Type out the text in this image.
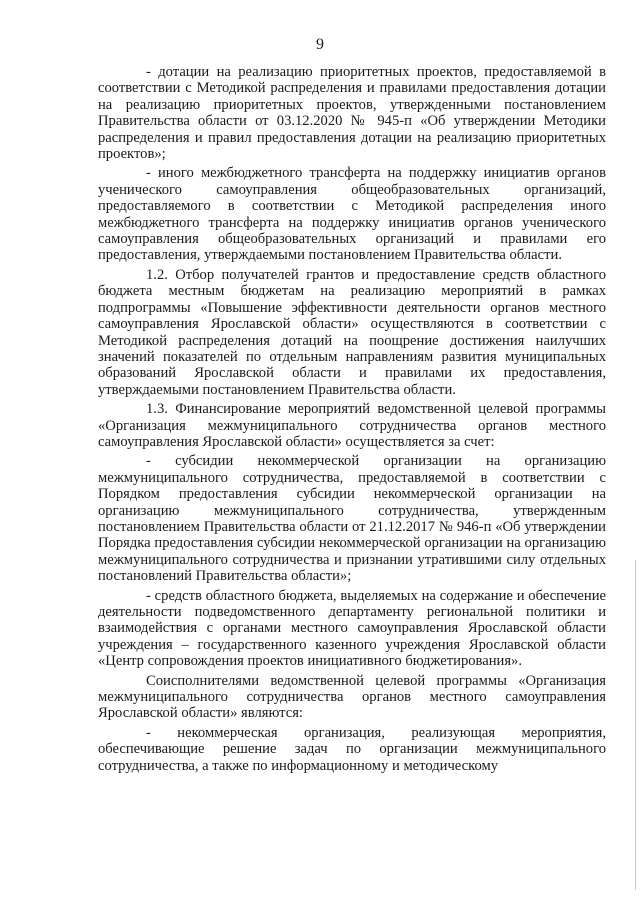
9

- дотации на реализацию приоритетных проектов, предоставляемой в соответствии с Методикой распределения и правилами предоставления дотации на реализацию приоритетных проектов, утвержденными постановлением Правительства области от 03.12.2020 № 945-п «Об утверждении Методики распределения и правил предоставления дотации на реализацию приоритетных проектов»;

- иного межбюджетного трансферта на поддержку инициатив органов ученического самоуправления общеобразовательных организаций, предоставляемого в соответствии с Методикой распределения иного межбюджетного трансферта на поддержку инициатив органов ученического самоуправления общеобразовательных организаций и правилами его предоставления, утверждаемыми постановлением Правительства области.

1.2. Отбор получателей грантов и предоставление средств областного бюджета местным бюджетам на реализацию мероприятий в рамках подпрограммы «Повышение эффективности деятельности органов местного самоуправления Ярославской области» осуществляются в соответствии с Методикой распределения дотаций на поощрение достижения наилучших значений показателей по отдельным направлениям развития муниципальных образований Ярославской области и правилами их предоставления, утверждаемыми постановлением Правительства области.

1.3. Финансирование мероприятий ведомственной целевой программы «Организация межмуниципального сотрудничества органов местного самоуправления Ярославской области» осуществляется за счет:

- субсидии некоммерческой организации на организацию межмуниципального сотрудничества, предоставляемой в соответствии с Порядком предоставления субсидии некоммерческой организации на организацию межмуниципального сотрудничества, утвержденным постановлением Правительства области от 21.12.2017 № 946-п «Об утверждении Порядка предоставления субсидии некоммерческой организации на организацию межмуниципального сотрудничества и признании утратившими силу отдельных постановлений Правительства области»;

- средств областного бюджета, выделяемых на содержание и обеспечение деятельности подведомственного департаменту региональной политики и взаимодействия с органами местного самоуправления Ярославской области учреждения – государственного казенного учреждения Ярославской области «Центр сопровождения проектов инициативного бюджетирования».

Соисполнителями ведомственной целевой программы «Организация межмуниципального сотрудничества органов местного самоуправления Ярославской области» являются:

- некоммерческая организация, реализующая мероприятия, обеспечивающие решение задач по организации межмуниципального сотрудничества, а также по информационному и методическому
